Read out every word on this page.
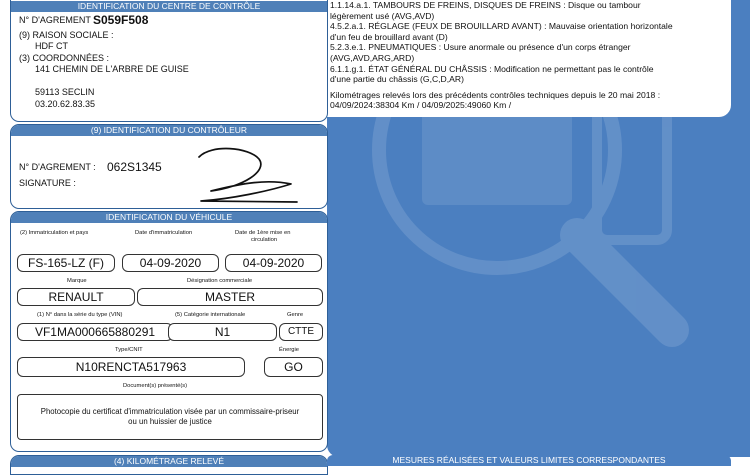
1.1.14.a.1. TAMBOURS DE FREINS, DISQUES DE FREINS : Disque ou tambour

légèrement usé (AVG,AVD)

4.5.2.a.1. RÉGLAGE (FEUX DE BROUILLARD AVANT) : Mauvaise orientation horizontale

d'un feu de brouillard avant (D)

5.2.3.e.1. PNEUMATIQUES : Usure anormale ou présence d'un corps étranger

(AVG,AVD,ARG,ARD)

6.1.1.g.1. ÉTAT GÉNÉRAL DU CHÂSSIS : Modification ne permettant pas le contrôle

d'une partie du châssis (G,C,D,AR)

Kilométrages relevés lors des précédents contrôles techniques depuis le 20 mai 2018 :

04/09/2024:38304 Km / 04/09/2025:49060 Km /

IDENTIFICATION DU CENTRE DE CONTRÔLE
N° D'AGREMENT :
S059F508
(9) RAISON SOCIALE :
HDF CT
(3) COORDONNÉES :
141 CHEMIN DE L'ARBRE DE GUISE
59113 SECLIN
03.20.62.83.35
(9) IDENTIFICATION DU CONTRÔLEUR
N° D'AGREMENT : 062S1345
SIGNATURE :
IDENTIFICATION DU VÉHICULE
(2) Immatriculation et pays	Date d'immatriculation	Date de 1ère mise en
circulation
FS-165-LZ (F)	04-09-2020	04-09-2020
Marque	Désignation commerciale
RENAULT	MASTER
(1) N° dans la série du type (VIN)	(5) Catégorie internationale	Genre
VF1MA000665880291	N1	CTTE
Type/CNIT	Énergie
N10RENCTA517963	GO
Document(s) présenté(s)
Photocopie du certificat d'immatriculation visée par un commissaire-priseur
ou un huissier de justice
(4) KILOMÉTRAGE RELEVÉ	MESURES RÉALISÉES ET VALEURS LIMITES CORRESPONDANTES
